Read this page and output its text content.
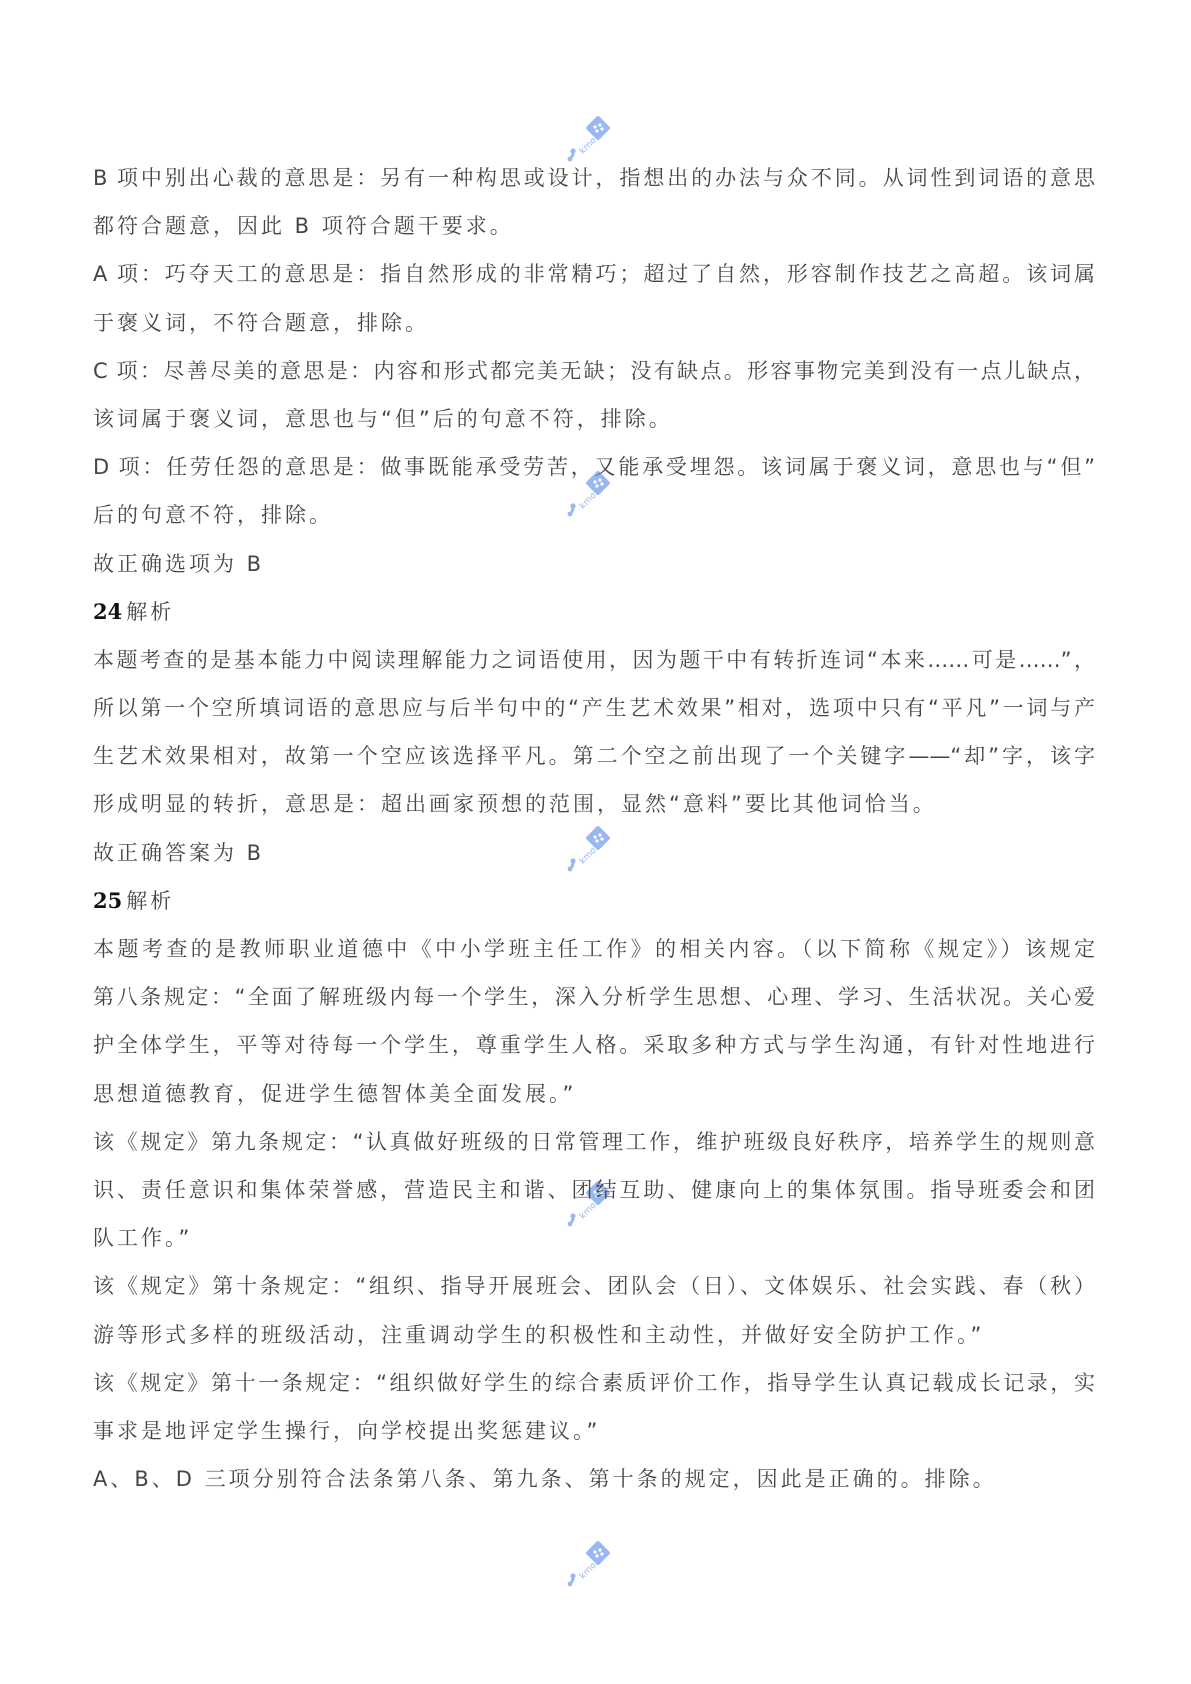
kmo
kmo
kmo
kmo
kmo
B 项中别出心裁的意思是：另有一种构思或设计，指想出的办法与众不同。从词性到词语的意思
都符合题意，因此 B 项符合题干要求。
A 项：巧夺天工的意思是：指自然形成的非常精巧；超过了自然，形容制作技艺之高超。该词属
于褒义词，不符合题意，排除。
C 项：尽善尽美的意思是：内容和形式都完美无缺；没有缺点。形容事物完美到没有一点儿缺点，
该词属于褒义词，意思也与“但”后的句意不符，排除。
D 项：任劳任怨的意思是：做事既能承受劳苦，又能承受埋怨。该词属于褒义词，意思也与“但”
后的句意不符，排除。
故正确选项为 B
24 解析
本题考查的是基本能力中阅读理解能力之词语使用，因为题干中有转折连词“本来……可是……”，
所以第一个空所填词语的意思应与后半句中的“产生艺术效果”相对，选项中只有“平凡”一词与产
生艺术效果相对，故第一个空应该选择平凡。第二个空之前出现了一个关键字——“却”字，该字
形成明显的转折，意思是：超出画家预想的范围，显然“意料”要比其他词恰当。
故正确答案为 B
25 解析
本题考查的是教师职业道德中《中小学班主任工作》的相关内容。（以下简称《规定》）该规定
第八条规定：“全面了解班级内每一个学生，深入分析学生思想、心理、学习、生活状况。关心爱
护全体学生，平等对待每一个学生，尊重学生人格。采取多种方式与学生沟通，有针对性地进行
思想道德教育，促进学生德智体美全面发展。”
该《规定》第九条规定：“认真做好班级的日常管理工作，维护班级良好秩序，培养学生的规则意
识、责任意识和集体荣誉感，营造民主和谐、团结互助、健康向上的集体氛围。指导班委会和团
队工作。”
该《规定》第十条规定：“组织、指导开展班会、团队会（日）、文体娱乐、社会实践、春（秋）
游等形式多样的班级活动，注重调动学生的积极性和主动性，并做好安全防护工作。”
该《规定》第十一条规定：“组织做好学生的综合素质评价工作，指导学生认真记载成长记录，实
事求是地评定学生操行，向学校提出奖惩建议。”
A、B、D 三项分别符合法条第八条、第九条、第十条的规定，因此是正确的。排除。
